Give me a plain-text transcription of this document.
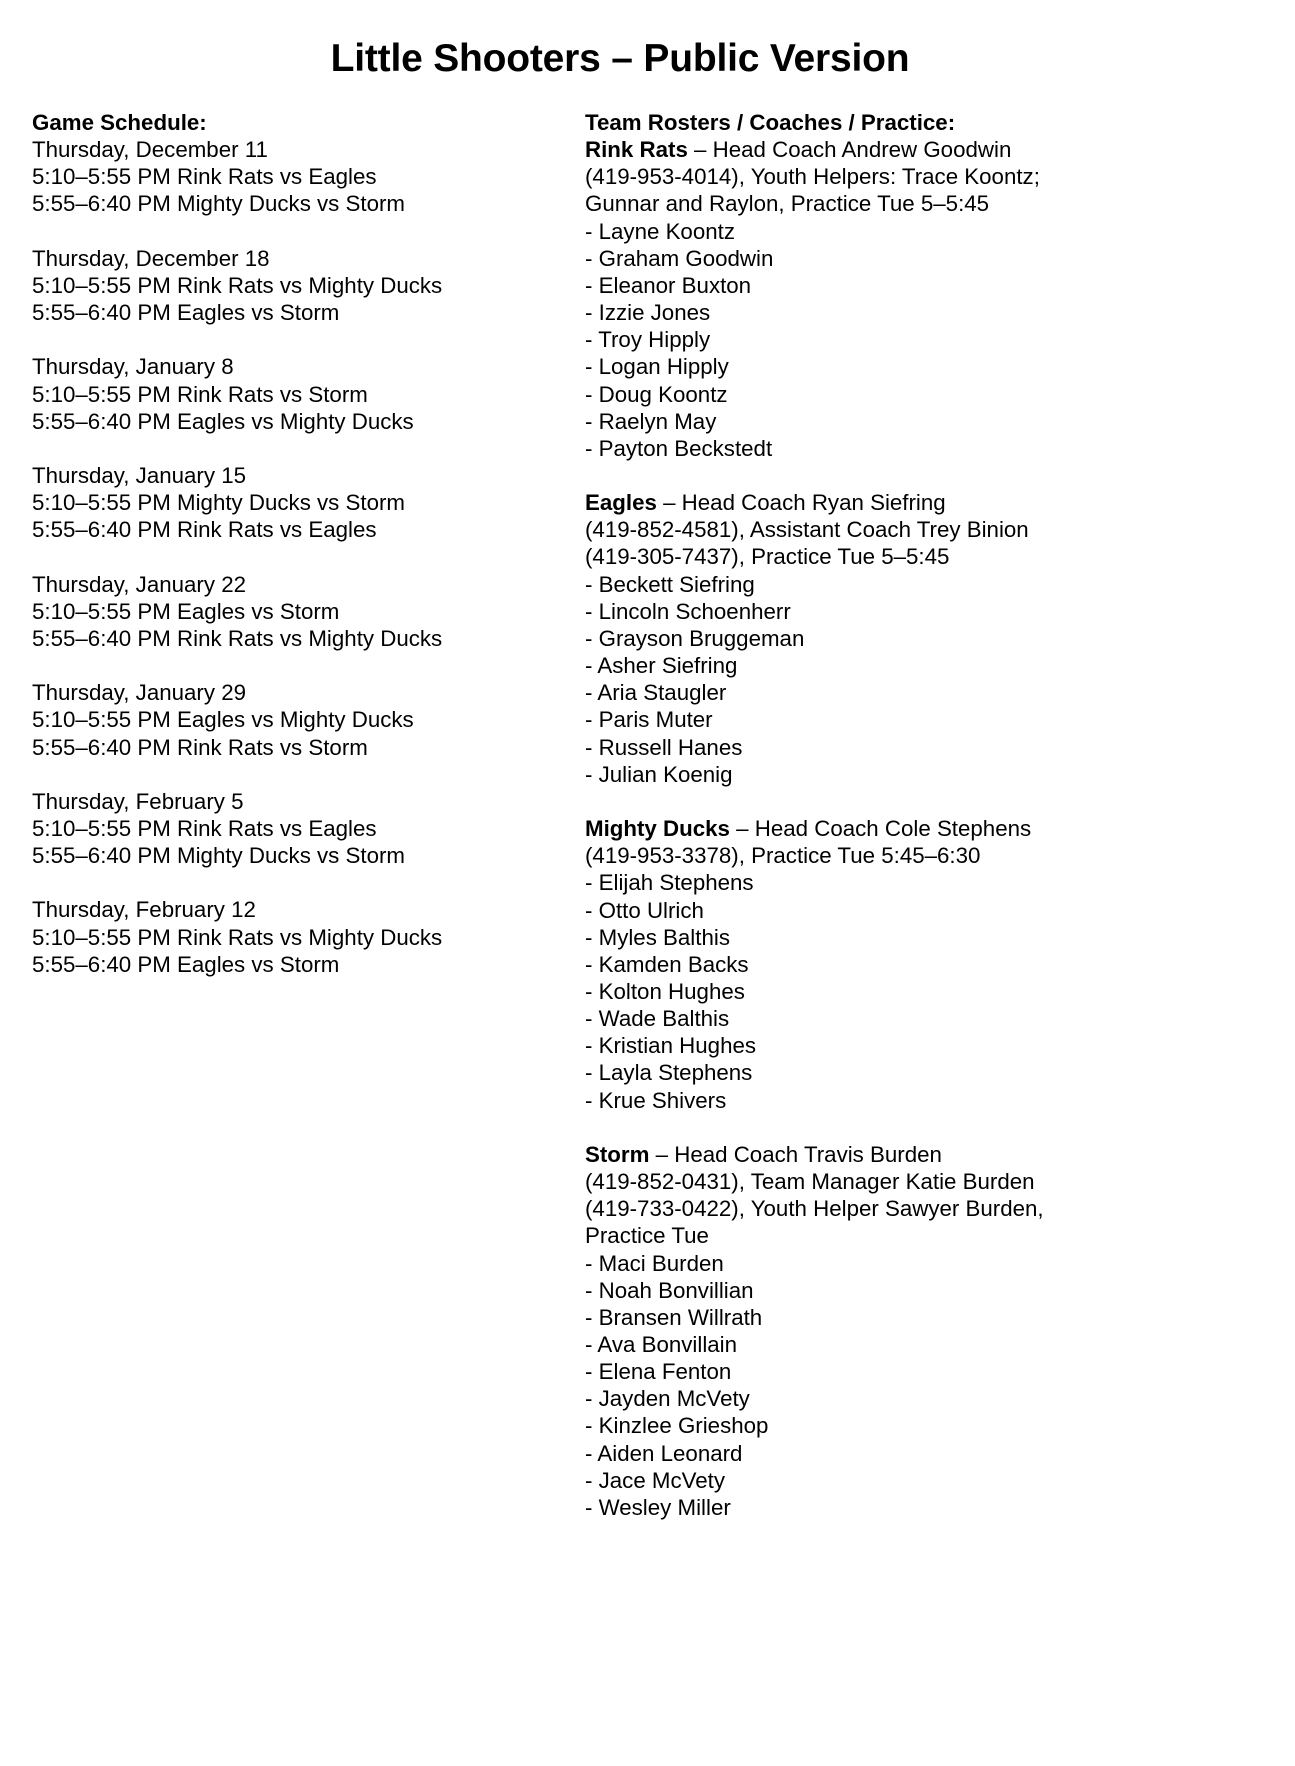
Little Shooters – Public Version
Game Schedule:
Thursday, December 11
5:10–5:55 PM Rink Rats vs Eagles
5:55–6:40 PM Mighty Ducks vs Storm
Thursday, December 18
5:10–5:55 PM Rink Rats vs Mighty Ducks
5:55–6:40 PM Eagles vs Storm
Thursday, January 8
5:10–5:55 PM Rink Rats vs Storm
5:55–6:40 PM Eagles vs Mighty Ducks
Thursday, January 15
5:10–5:55 PM Mighty Ducks vs Storm
5:55–6:40 PM Rink Rats vs Eagles
Thursday, January 22
5:10–5:55 PM Eagles vs Storm
5:55–6:40 PM Rink Rats vs Mighty Ducks
Thursday, January 29
5:10–5:55 PM Eagles vs Mighty Ducks
5:55–6:40 PM Rink Rats vs Storm
Thursday, February 5
5:10–5:55 PM Rink Rats vs Eagles
5:55–6:40 PM Mighty Ducks vs Storm
Thursday, February 12
5:10–5:55 PM Rink Rats vs Mighty Ducks
5:55–6:40 PM Eagles vs Storm
Team Rosters / Coaches / Practice:
Rink Rats – Head Coach Andrew Goodwin
(419-953-4014), Youth Helpers: Trace Koontz;
Gunnar and Raylon, Practice Tue 5–5:45
- Layne Koontz
- Graham Goodwin
- Eleanor Buxton
- Izzie Jones
- Troy Hipply
- Logan Hipply
- Doug Koontz
- Raelyn May
- Payton Beckstedt
Eagles – Head Coach Ryan Siefring
(419-852-4581), Assistant Coach Trey Binion
(419-305-7437), Practice Tue 5–5:45
- Beckett Siefring
- Lincoln Schoenherr
- Grayson Bruggeman
- Asher Siefring
- Aria Staugler
- Paris Muter
- Russell Hanes
- Julian Koenig
Mighty Ducks – Head Coach Cole Stephens
(419-953-3378), Practice Tue 5:45–6:30
- Elijah Stephens
- Otto Ulrich
- Myles Balthis
- Kamden Backs
- Kolton Hughes
- Wade Balthis
- Kristian Hughes
- Layla Stephens
- Krue Shivers
Storm – Head Coach Travis Burden
(419-852-0431), Team Manager Katie Burden
(419-733-0422), Youth Helper Sawyer Burden,
Practice Tue
- Maci Burden
- Noah Bonvillian
- Bransen Willrath
- Ava Bonvillain
- Elena Fenton
- Jayden McVety
- Kinzlee Grieshop
- Aiden Leonard
- Jace McVety
- Wesley Miller
